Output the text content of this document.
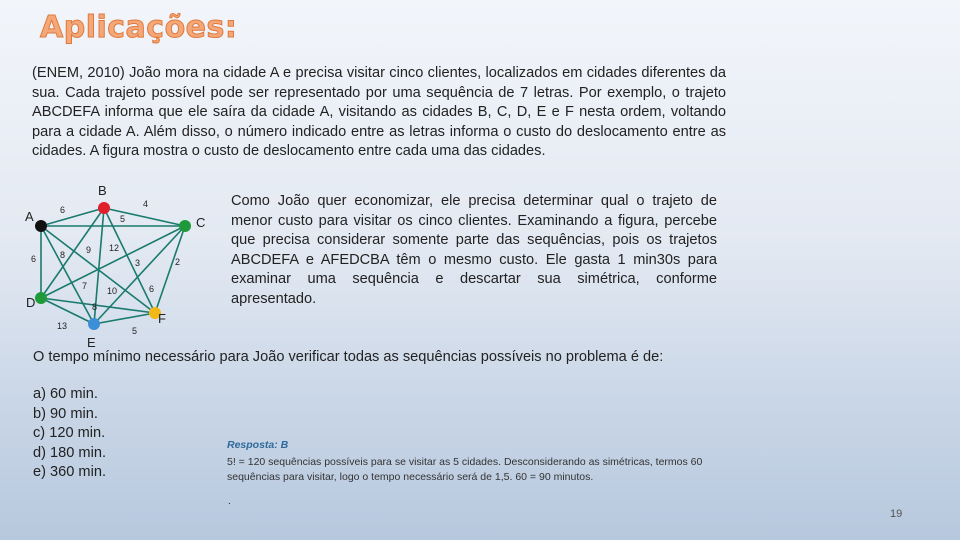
Aplicações:
(ENEM, 2010) João mora na cidade A e precisa visitar cinco clientes, localizados em cidades diferentes da sua. Cada trajeto possível pode ser representado por uma sequência de 7 letras. Por exemplo, o trajeto ABCDEFA informa que ele saíra da cidade A, visitando as cidades B, C, D, E e F nesta ordem, voltando para a cidade A. Além disso, o número indicado entre as letras informa o custo do deslocamento entre as cidades. A figura mostra o custo de deslocamento entre cada uma das cidades.
6
4
5
6	8 9 12
3	2
7 10	6
8
13	5
A
B
C
D
E
F
Como João quer economizar, ele precisa determinar qual o trajeto de menor custo para visitar os cinco clientes. Examinando a figura, percebe que precisa considerar somente parte das sequências, pois os trajetos ABCDEFA e AFEDCBA têm o mesmo custo. Ele gasta 1 min30s para examinar uma sequência e descartar sua simétrica, conforme apresentado.
O tempo mínimo necessário para João verificar todas as sequências possíveis no problema é de:
a) 60 min.
b) 90 min.
c) 120 min.
d) 180 min.
e) 360 min.
Resposta: B
5! = 120 sequências possíveis para se visitar as 5 cidades. Desconsiderando as simétricas, termos 60 sequências para visitar, logo o tempo necessário será de 1,5. 60 = 90 minutos.
.
19
